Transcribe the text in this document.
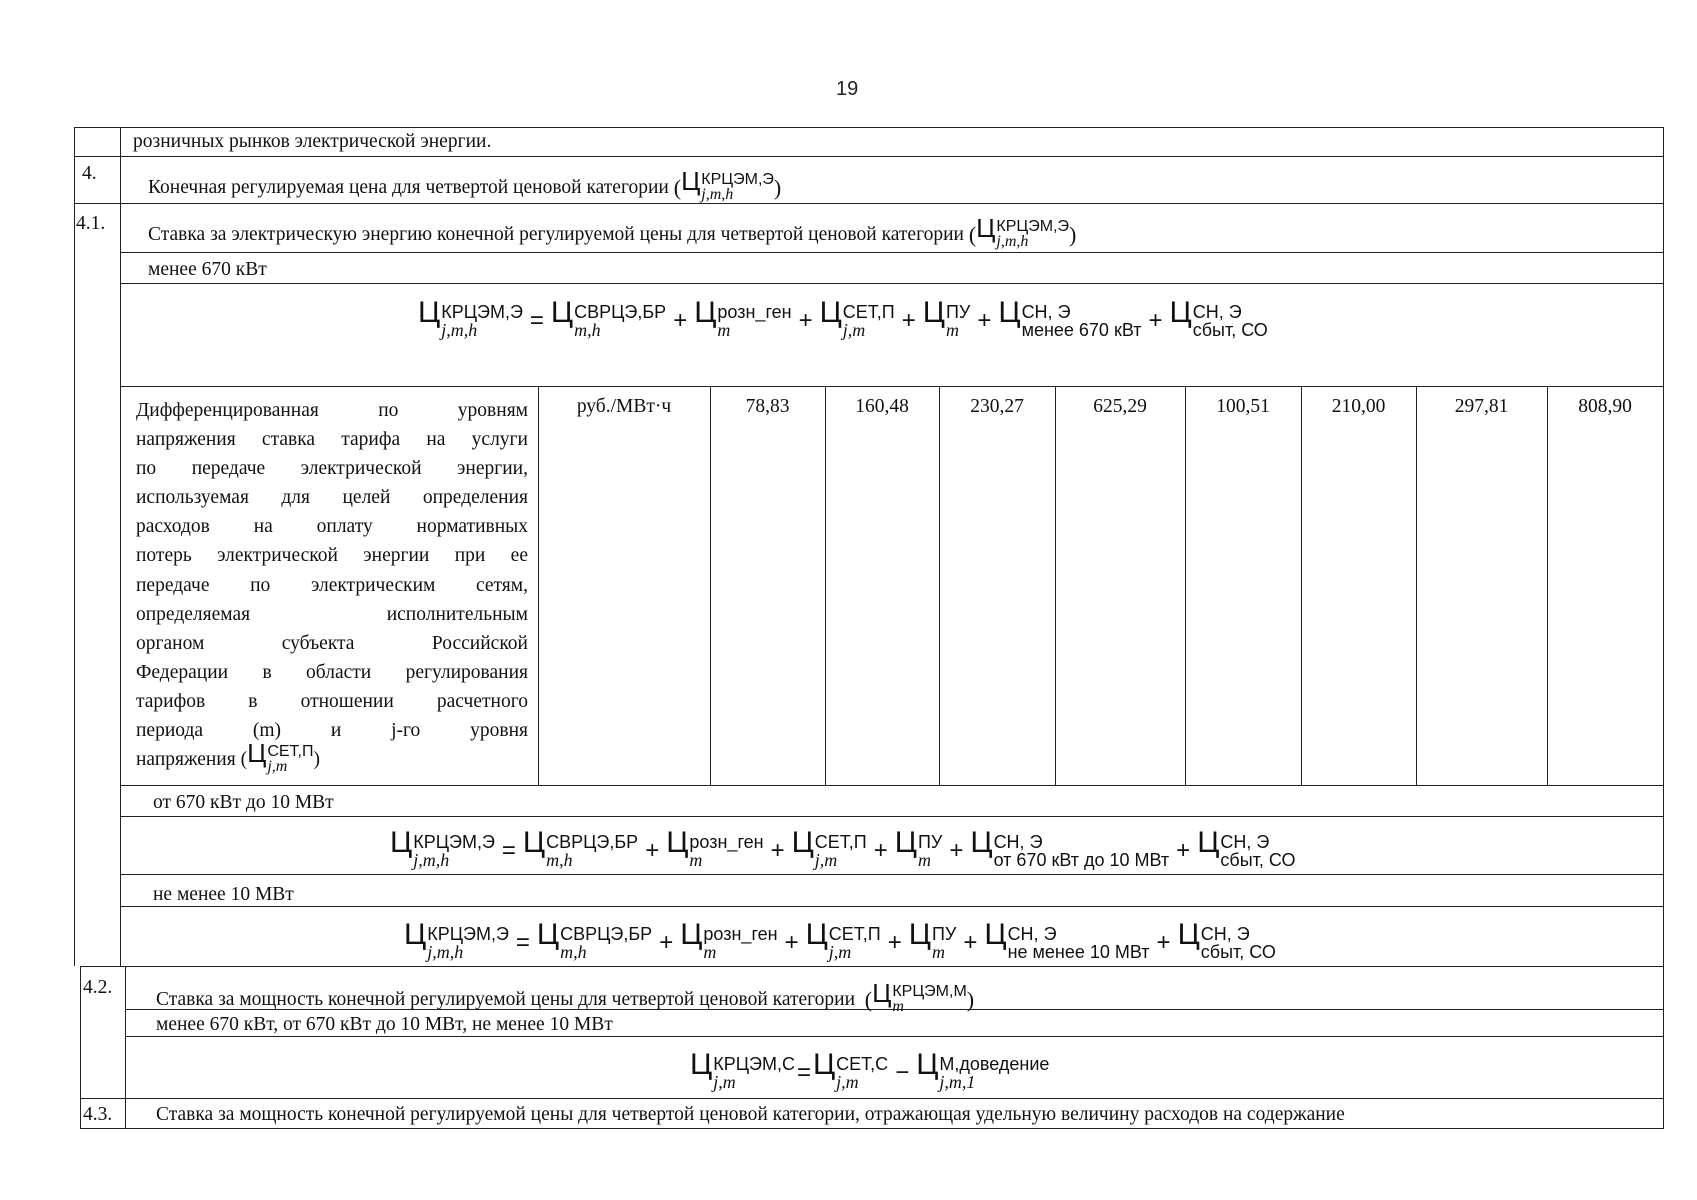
19
розничных рынков электрической энергии.
4.
Конечная регулируемая цена для четвертой ценовой категории
( Ц КРЦЭМ,Э
j,m,h	)
4.1.
Ставка за электрическую энергию конечной регулируемой цены для четвертой ценовой категории
( Ц КРЦЭМ,Э
j,m,h	)
менее 670 кВт
Ц КРЦЭМ,Э
j,m,h	= Ц СВРЦЭ,БР
m,h	+ Ц розн_ген
m	+ Ц СЕТ,П
j,m	+ Ц ПУ
m + Ц СН, Э
менее 670 кВт + Ц СН, Э
сбыт, СО
Дифференцированная по уровням
напряжения ставка тарифа на услуги
по передаче электрической энергии,
используемая для целей определения
расходов на оплату нормативных
потерь электрической энергии при ее
передаче по электрическим сетям,
определяемая исполнительным
органом субъекта Российской
Федерации в области регулирования
тарифов в отношении расчетного
периода (m) и j-го уровня
напряжения ( Ц СЕТ,П
j,m	)
руб./МВт·ч	78,83	160,48	230,27	625,29	100,51	210,00	297,81	808,90
от 670 кВт до 10 МВт
Ц КРЦЭМ,Э
j,m,h	= Ц СВРЦЭ,БР
m,h	+ Ц розн_ген
m	+ Ц СЕТ,П
j,m	+ Ц ПУ
m + Ц СН, Э
от 670 кВт до 10 МВт + Ц СН, Э
сбыт, СО
не менее 10 МВт
Ц КРЦЭМ,Э
j,m,h	= Ц СВРЦЭ,БР
m,h	+ Ц розн_ген
m	+ Ц СЕТ,П
j,m	+ Ц ПУ
m + Ц СН, Э
не менее 10 МВт + Ц СН, Э
сбыт, СО
4.2.
Ставка за мощность конечной регулируемой цены для четвертой ценовой категории
( Ц КРЦЭМ,М
m	)
менее 670 кВт, от 670 кВт до 10 МВт, не менее 10 МВт
Ц КРЦЭМ,C
j,m	= Ц СЕТ,C
j,m	− Ц М,доведение
j,m,1
4.3. Ставка за мощность конечной регулируемой цены для четвертой ценовой категории, отражающая удельную величину расходов на содержание
